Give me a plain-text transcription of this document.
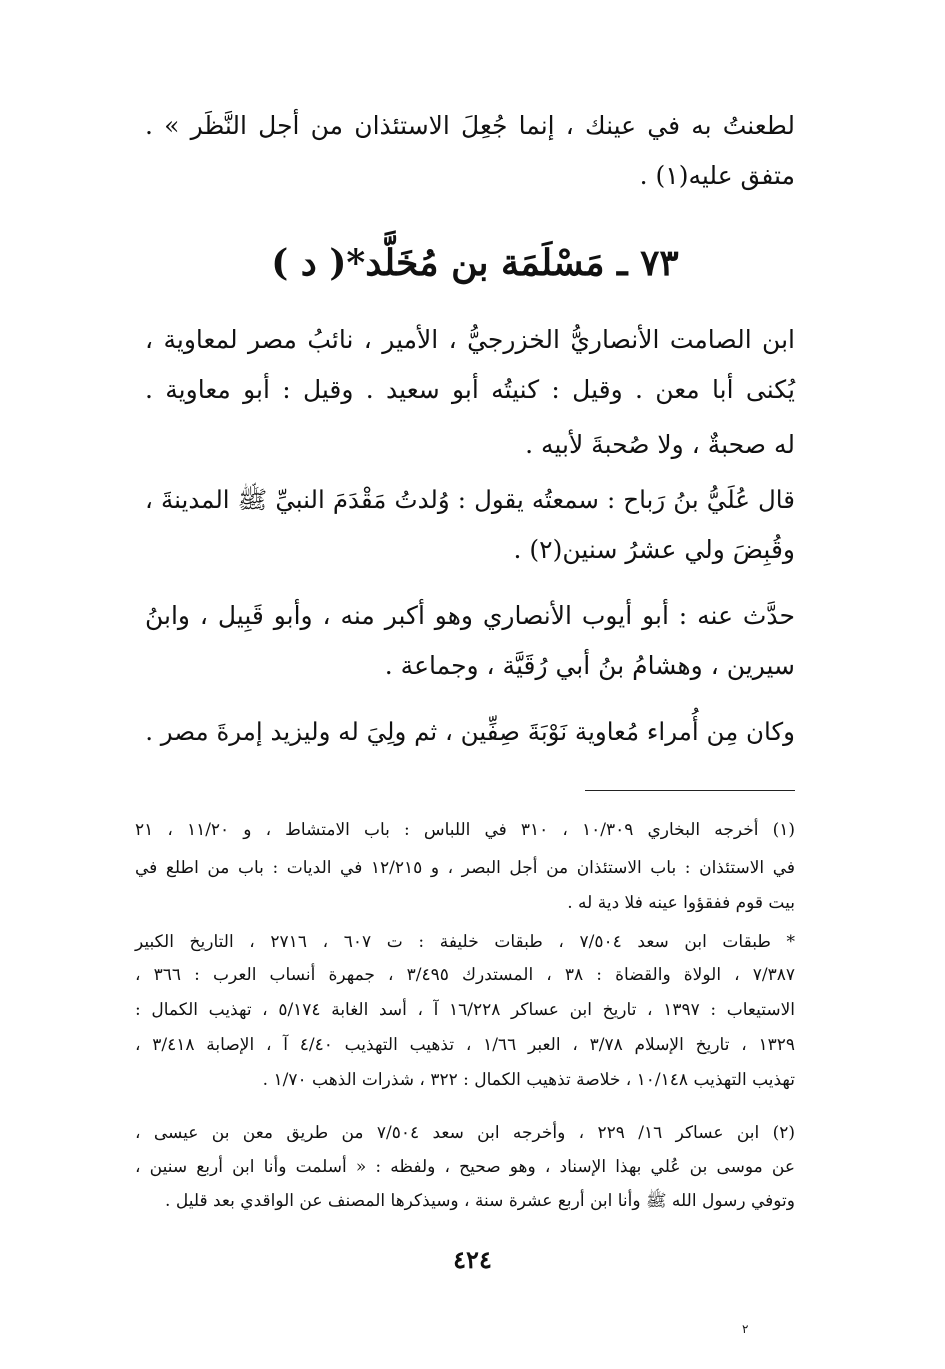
لطعنتُ به في عينك ، إنما جُعِلَ الاستئذان من أجل النَّظَر » .
متفق عليه(١) .
٧٣ ـ مَسْلَمَة بن مُخَلَّد*( د )
ابن الصامت الأنصاريُّ الخزرجيُّ ، الأمير ، نائبُ مصر لمعاوية ،
يُكنى أبا معن . وقيل : كنيتُه أبو سعيد . وقيل : أبو معاوية .
له صحبةٌ ، ولا صُحبةَ لأبيه .
قال عُلَيُّ بنُ رَباح : سمعتُه يقول : وُلدتُ مَقْدَمَ النبيِّ ﷺ المدينةَ ،
وقُبِضَ ولي عشرُ سنين(٢) .
حدَّث عنه : أبو أيوب الأنصاري وهو أكبر منه ، وأبو قَبِيل ، وابنُ
سيرين ، وهشامُ بنُ أبي رُقَيَّة ، وجماعة .
وكان مِن أُمراء مُعاوية نَوْبَةَ صِفِّين ، ثم ولِيَ له وليزيد إمرةَ مصر .
(١) أخرجه البخاري ١٠/٣٠٩ ، ٣١٠ في اللباس : باب الامتشاط ، و ١١/٢٠ ، ٢١
في الاستئذان : باب الاستئذان من أجل البصر ، و ١٢/٢١٥ في الديات : باب من اطلع في
بيت قوم ففقؤوا عينه فلا دية له .
* طبقات ابن سعد ٧/٥٠٤ ، طبقات خليفة : ت ٦٠٧ ، ٢٧١٦ ، التاريخ الكبير
٧/٣٨٧ ، الولاة والقضاة : ٣٨ ، المستدرك ٣/٤٩٥ ، جمهرة أنساب العرب : ٣٦٦ ،
الاستيعاب : ١٣٩٧ ، تاريخ ابن عساكر ١٦/٢٢٨ آ ، أسد الغابة ٥/١٧٤ ، تهذيب الكمال :
١٣٢٩ ، تاريخ الإسلام ٣/٧٨ ، العبر ١/٦٦ ، تذهيب التهذيب ٤/٤٠ آ ، الإصابة ٣/٤١٨ ،
تهذيب التهذيب ١٠/١٤٨ ، خلاصة تذهيب الكمال : ٣٢٢ ، شذرات الذهب ١/٧٠ .
(٢) ابن عساكر ١٦/ ٢٢٩ ، وأخرجه ابن سعد ٧/٥٠٤ من طريق معن بن عيسى ،
عن موسى بن عُلي بهذا الإسناد ، وهو صحيح ، ولفظه : « أسلمت وأنا ابن أربع سنين ،
وتوفي رسول الله ﷺ وأنا ابن أربع عشرة سنة ، وسيذكرها المصنف عن الواقدي بعد قليل .
٤٢٤
٢
